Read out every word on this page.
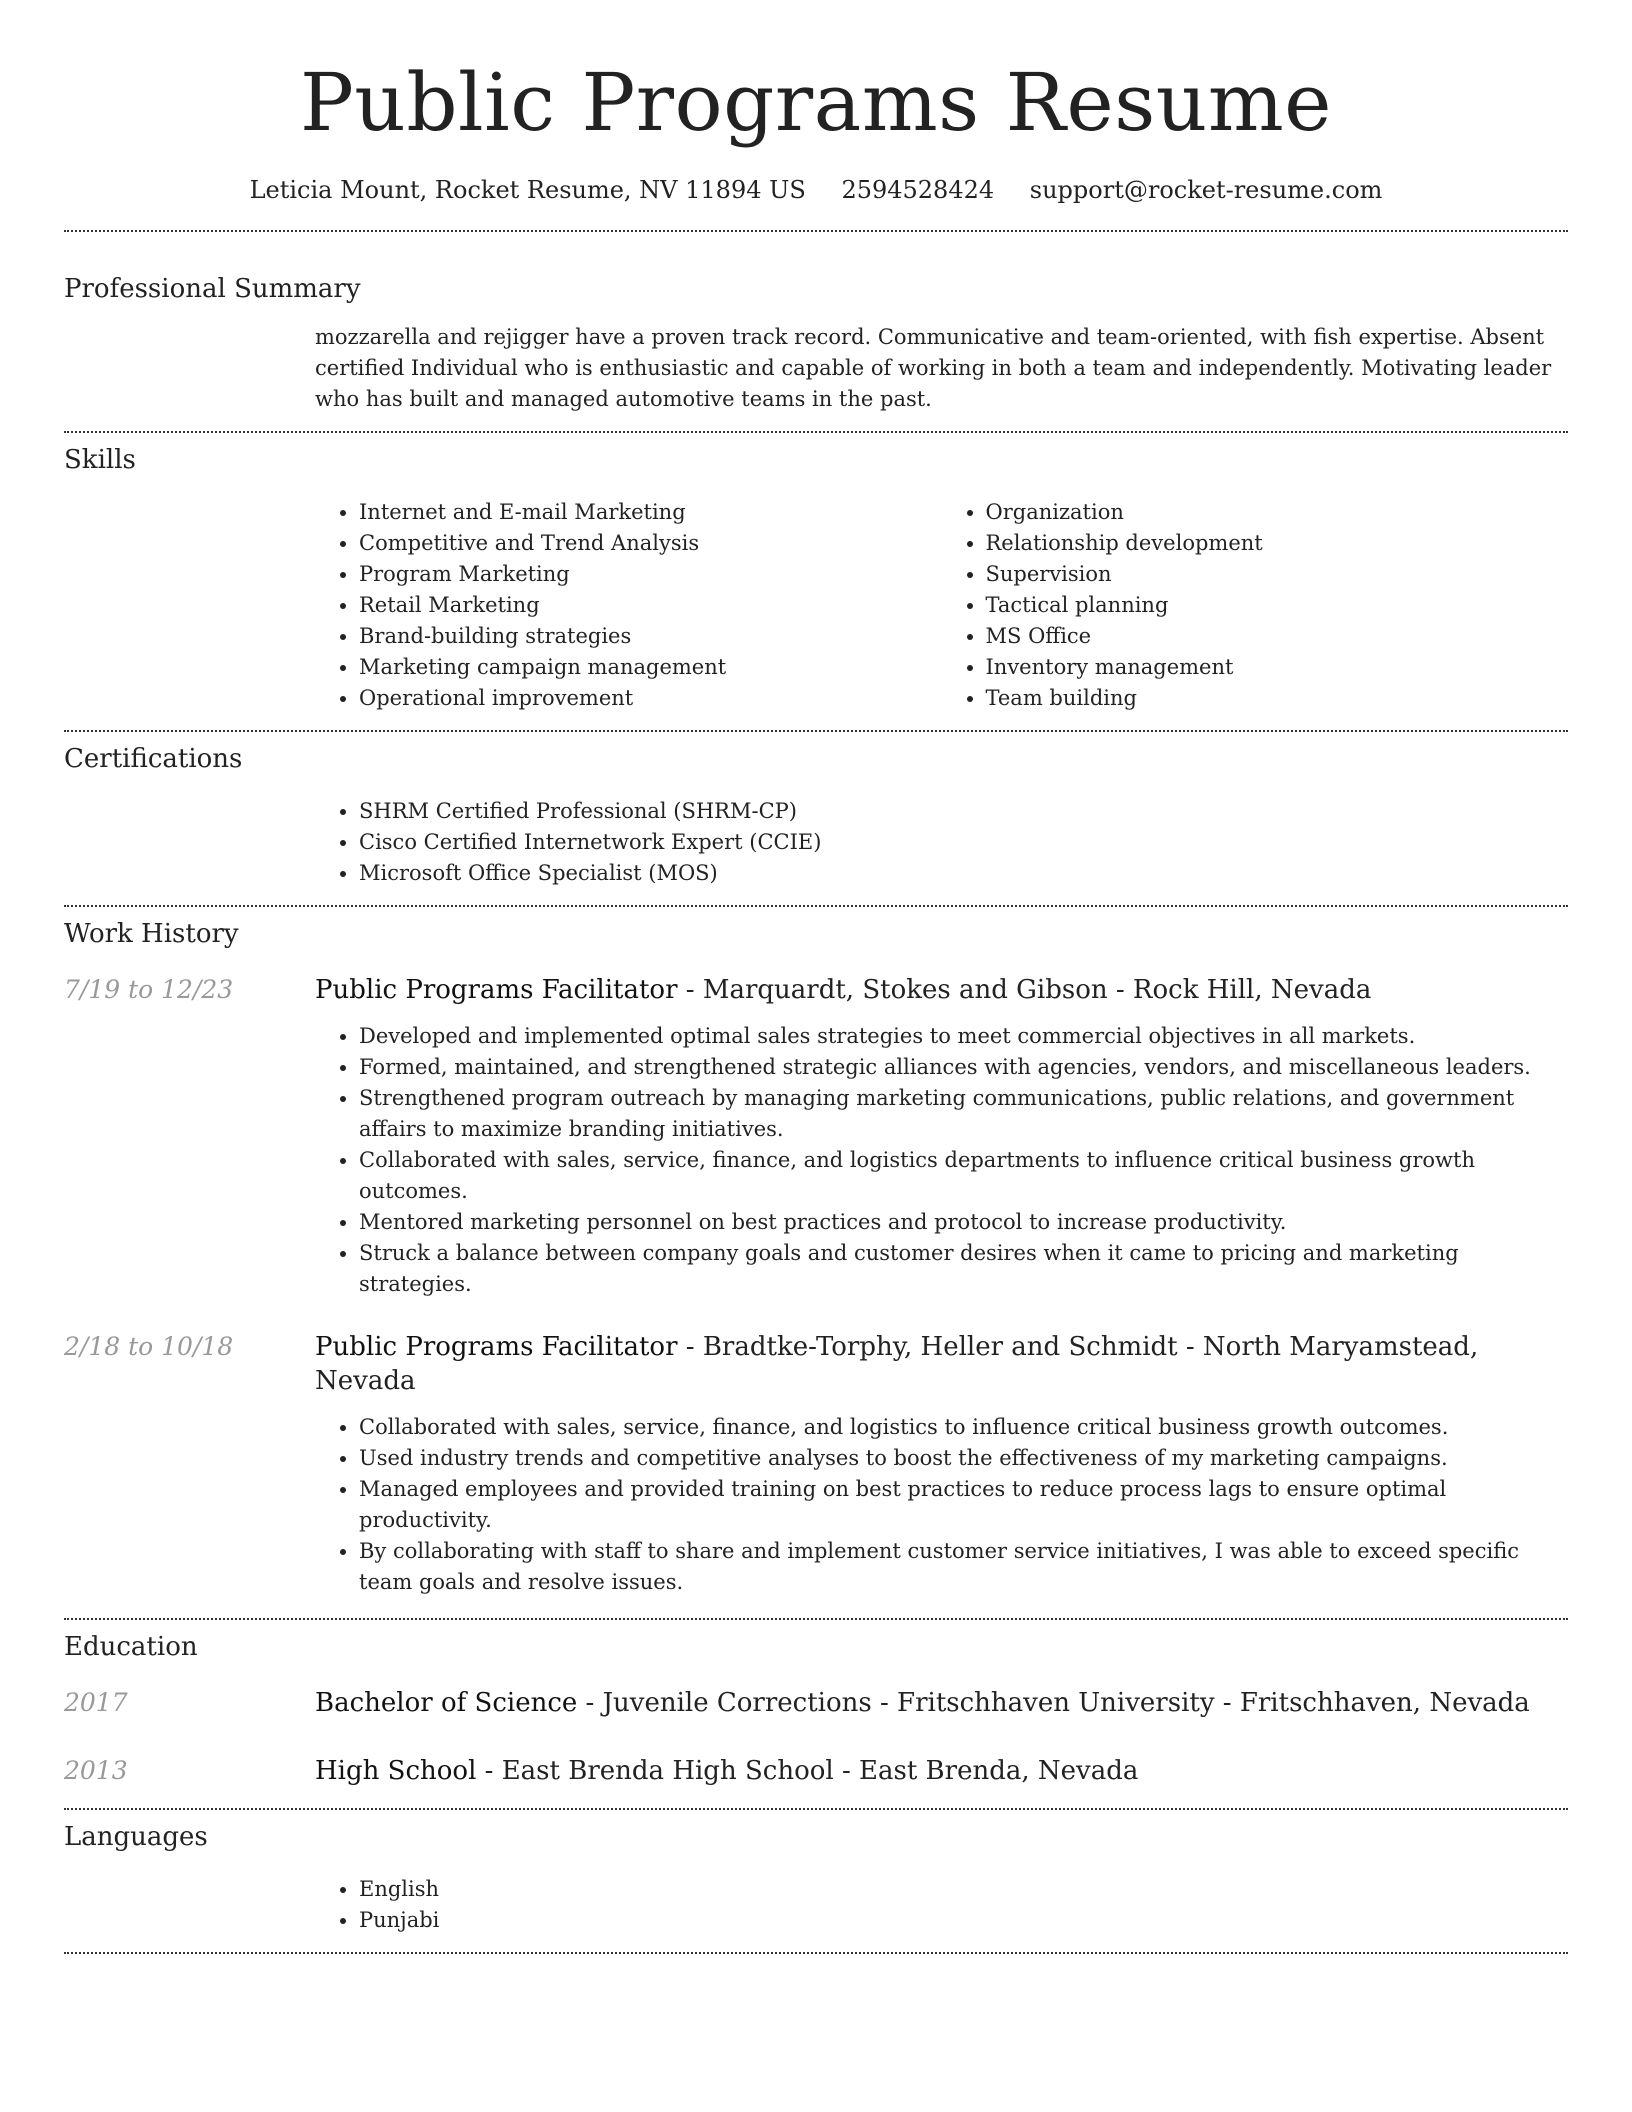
Public Programs Resume
Leticia Mount, Rocket Resume, NV 11894 US 2594528424 support@rocket-resume.com
Professional Summary
mozzarella and rejigger have a proven track record. Communicative and team-oriented, with fish expertise. Absent certified Individual who is enthusiastic and capable of working in both a team and independently. Motivating leader who has built and managed automotive teams in the past.
Skills
• Internet and E-mail Marketing
• Competitive and Trend Analysis
• Program Marketing
• Retail Marketing
• Brand-building strategies
• Marketing campaign management
• Operational improvement
• Organization
• Relationship development
• Supervision
• Tactical planning
• MS Office
• Inventory management
• Team building
Certifications
• SHRM Certified Professional (SHRM-CP)
• Cisco Certified Internetwork Expert (CCIE)
• Microsoft Office Specialist (MOS)
Work History
7/19 to 12/23	Public Programs Facilitator - Marquardt, Stokes and Gibson - Rock Hill, Nevada
• Developed and implemented optimal sales strategies to meet commercial objectives in all markets.
• Formed, maintained, and strengthened strategic alliances with agencies, vendors, and miscellaneous leaders.
• Strengthened program outreach by managing marketing communications, public relations, and government affairs to maximize branding initiatives.
• Collaborated with sales, service, finance, and logistics departments to influence critical business growth outcomes.
• Mentored marketing personnel on best practices and protocol to increase productivity.
• Struck a balance between company goals and customer desires when it came to pricing and marketing strategies.
2/18 to 10/18	Public Programs Facilitator - Bradtke-Torphy, Heller and Schmidt - North Maryamstead, Nevada
• Collaborated with sales, service, finance, and logistics to influence critical business growth outcomes.
• Used industry trends and competitive analyses to boost the effectiveness of my marketing campaigns.
• Managed employees and provided training on best practices to reduce process lags to ensure optimal productivity.
• By collaborating with staff to share and implement customer service initiatives, I was able to exceed specific team goals and resolve issues.
Education
2017	Bachelor of Science - Juvenile Corrections - Fritschhaven University - Fritschhaven, Nevada
2013	High School - East Brenda High School - East Brenda, Nevada
Languages
• English
• Punjabi
